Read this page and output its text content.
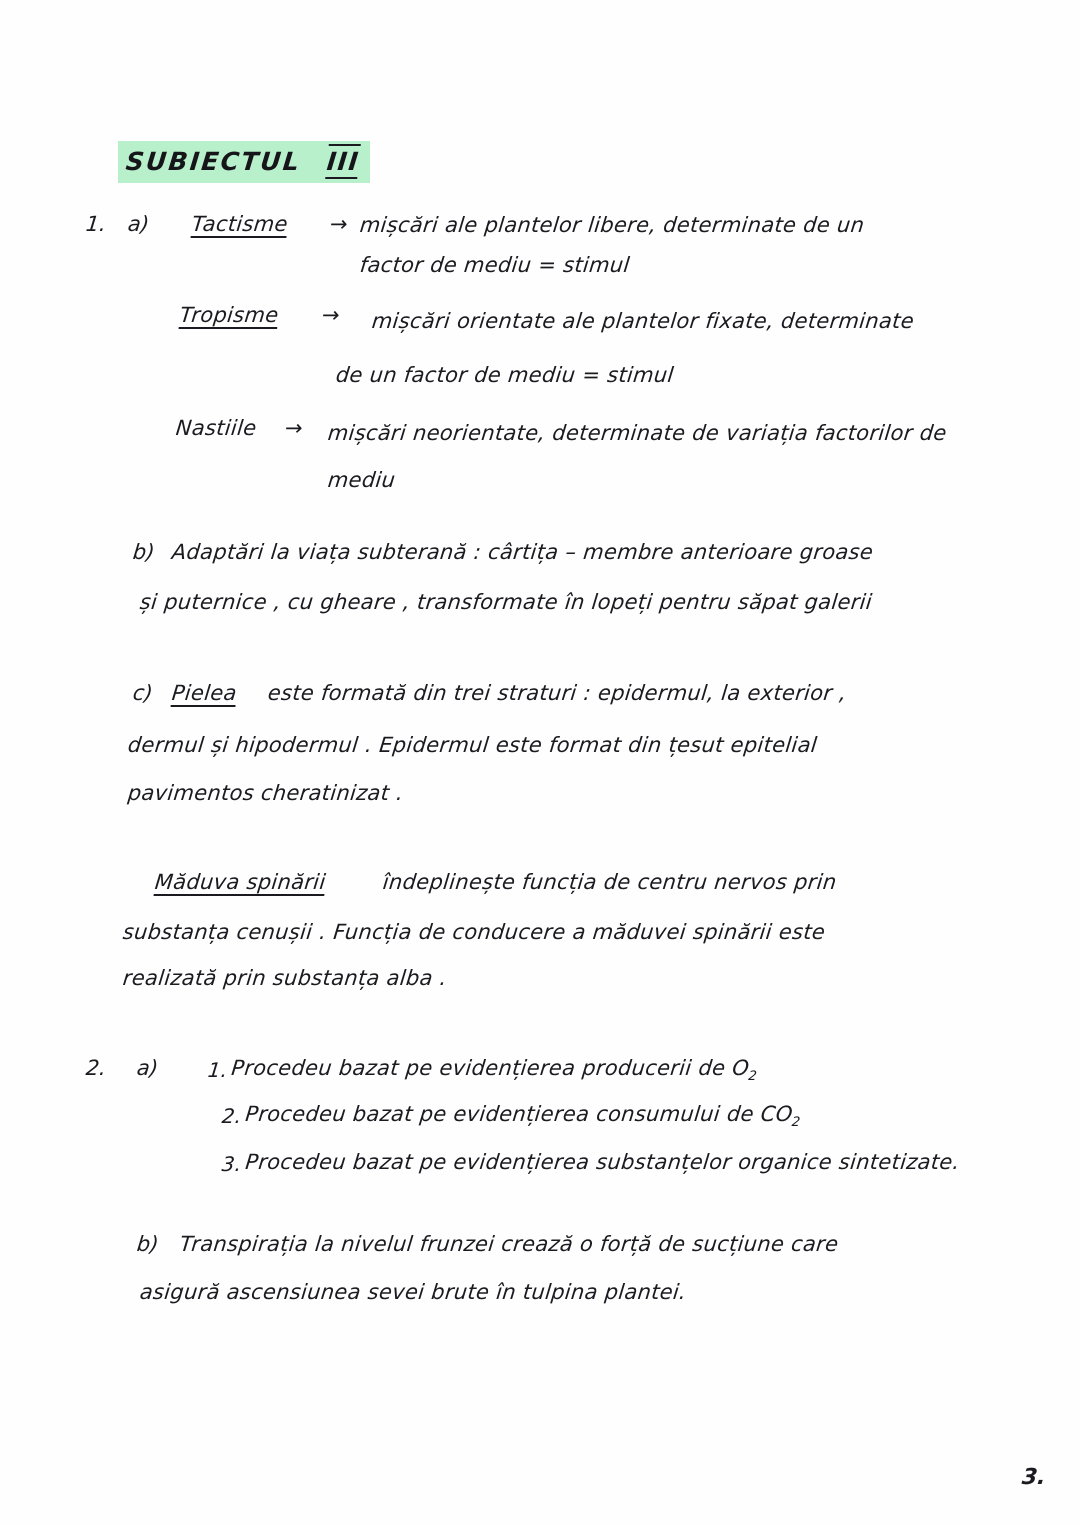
SUBIECTUL III
1. a) Tactisme → mișcări ale plantelor libere, determinate de un
factor de mediu = stimul
Tropisme → mișcări orientate ale plantelor fixate, determinate
de un factor de mediu = stimul
Nastiile → mișcări neorientate, determinate de variația factorilor de
mediu
b) Adaptări la viața subterană : cârtița – membre anterioare groase
și puternice , cu gheare , transformate în lopeți pentru săpat galerii
c) Pielea este formată din trei straturi : epidermul, la exterior ,
dermul și hipodermul . Epidermul este format din țesut epitelial
pavimentos cheratinizat .
Măduva spinării	îndeplinește funcția de centru nervos prin
substanța cenușii . Funcția de conducere a măduvei spinării este
realizată prin substanța alba .
2. a) 1. Procedeu bazat pe evidențierea producerii de $O_2$
2. Procedeu bazat pe evidențierea consumului de $CO_2$
3. Procedeu bazat pe evidențierea substanțelor organice sintetizate.
b) Transpirația la nivelul frunzei crează o forță de sucțiune care
asigură ascensiunea sevei brute în tulpina plantei.
3.
